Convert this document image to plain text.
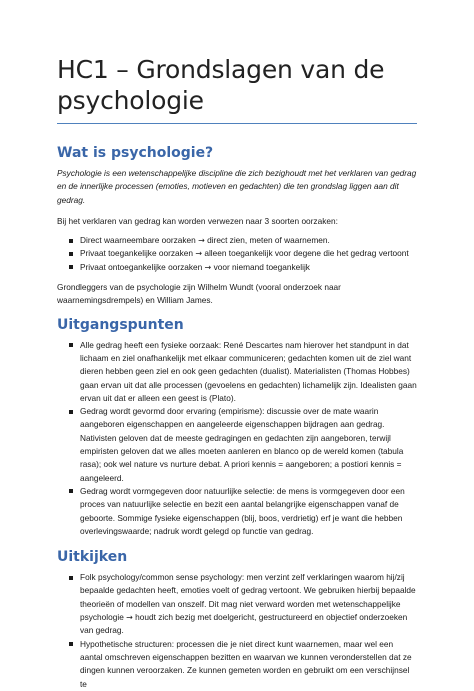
HC1 – Grondslagen van de psychologie
Wat is psychologie?

Psychologie is een wetenschappelijke discipline die zich bezighoudt met het verklaren van gedrag en de innerlijke processen (emoties, motieven en gedachten) die ten grondslag liggen aan dit gedrag.

Bij het verklaren van gedrag kan worden verwezen naar 3 soorten oorzaken:

Direct waarneembare oorzaken → direct zien, meten of waarnemen.
Privaat toegankelijke oorzaken → alleen toegankelijk voor degene die het gedrag vertoont
Privaat ontoegankelijke oorzaken → voor niemand toegankelijk

Grondleggers van de psychologie zijn Wilhelm Wundt (vooral onderzoek naar waarnemingsdrempels) en William James.

Uitgangspunten
Alle gedrag heeft een fysieke oorzaak: René Descartes nam hierover het standpunt in dat lichaam en ziel onafhankelijk met elkaar communiceren; gedachten komen uit de ziel want dieren hebben geen ziel en ook geen gedachten (dualist). Materialisten (Thomas Hobbes) gaan ervan uit dat alle processen (gevoelens en gedachten) lichamelijk zijn. Idealisten gaan ervan uit dat er alleen een geest is (Plato).
Gedrag wordt gevormd door ervaring (empirisme): discussie over de mate waarin aangeboren eigenschappen en aangeleerde eigenschappen bijdragen aan gedrag. Nativisten geloven dat de meeste gedragingen en gedachten zijn aangeboren, terwijl empiristen geloven dat we alles moeten aanleren en blanco op de wereld komen (tabula rasa); ook wel nature vs nurture debat. A priori kennis = aangeboren; a postiori kennis = aangeleerd.
Gedrag wordt vormgegeven door natuurlijke selectie: de mens is vormgegeven door een proces van natuurlijke selectie en bezit een aantal belangrijke eigenschappen vanaf de geboorte. Sommige fysieke eigenschappen (blij, boos, verdrietig) erf je want die hebben overlevingswaarde; nadruk wordt gelegd op functie van gedrag.
Uitkijken
Folk psychology/common sense psychology: men verzint zelf verklaringen waarom hij/zij bepaalde gedachten heeft, emoties voelt of gedrag vertoont. We gebruiken hierbij bepaalde theorieën of modellen van onszelf. Dit mag niet verward worden met wetenschappelijke psychologie → houdt zich bezig met doelgericht, gestructureerd en objectief onderzoeken van gedrag.
Hypothetische structuren: processen die je niet direct kunt waarnemen, maar wel een aantal omschreven eigenschappen bezitten en waarvan we kunnen veronderstellen dat ze dingen kunnen veroorzaken. Ze kunnen gemeten worden en gebruikt om een verschijnsel te
